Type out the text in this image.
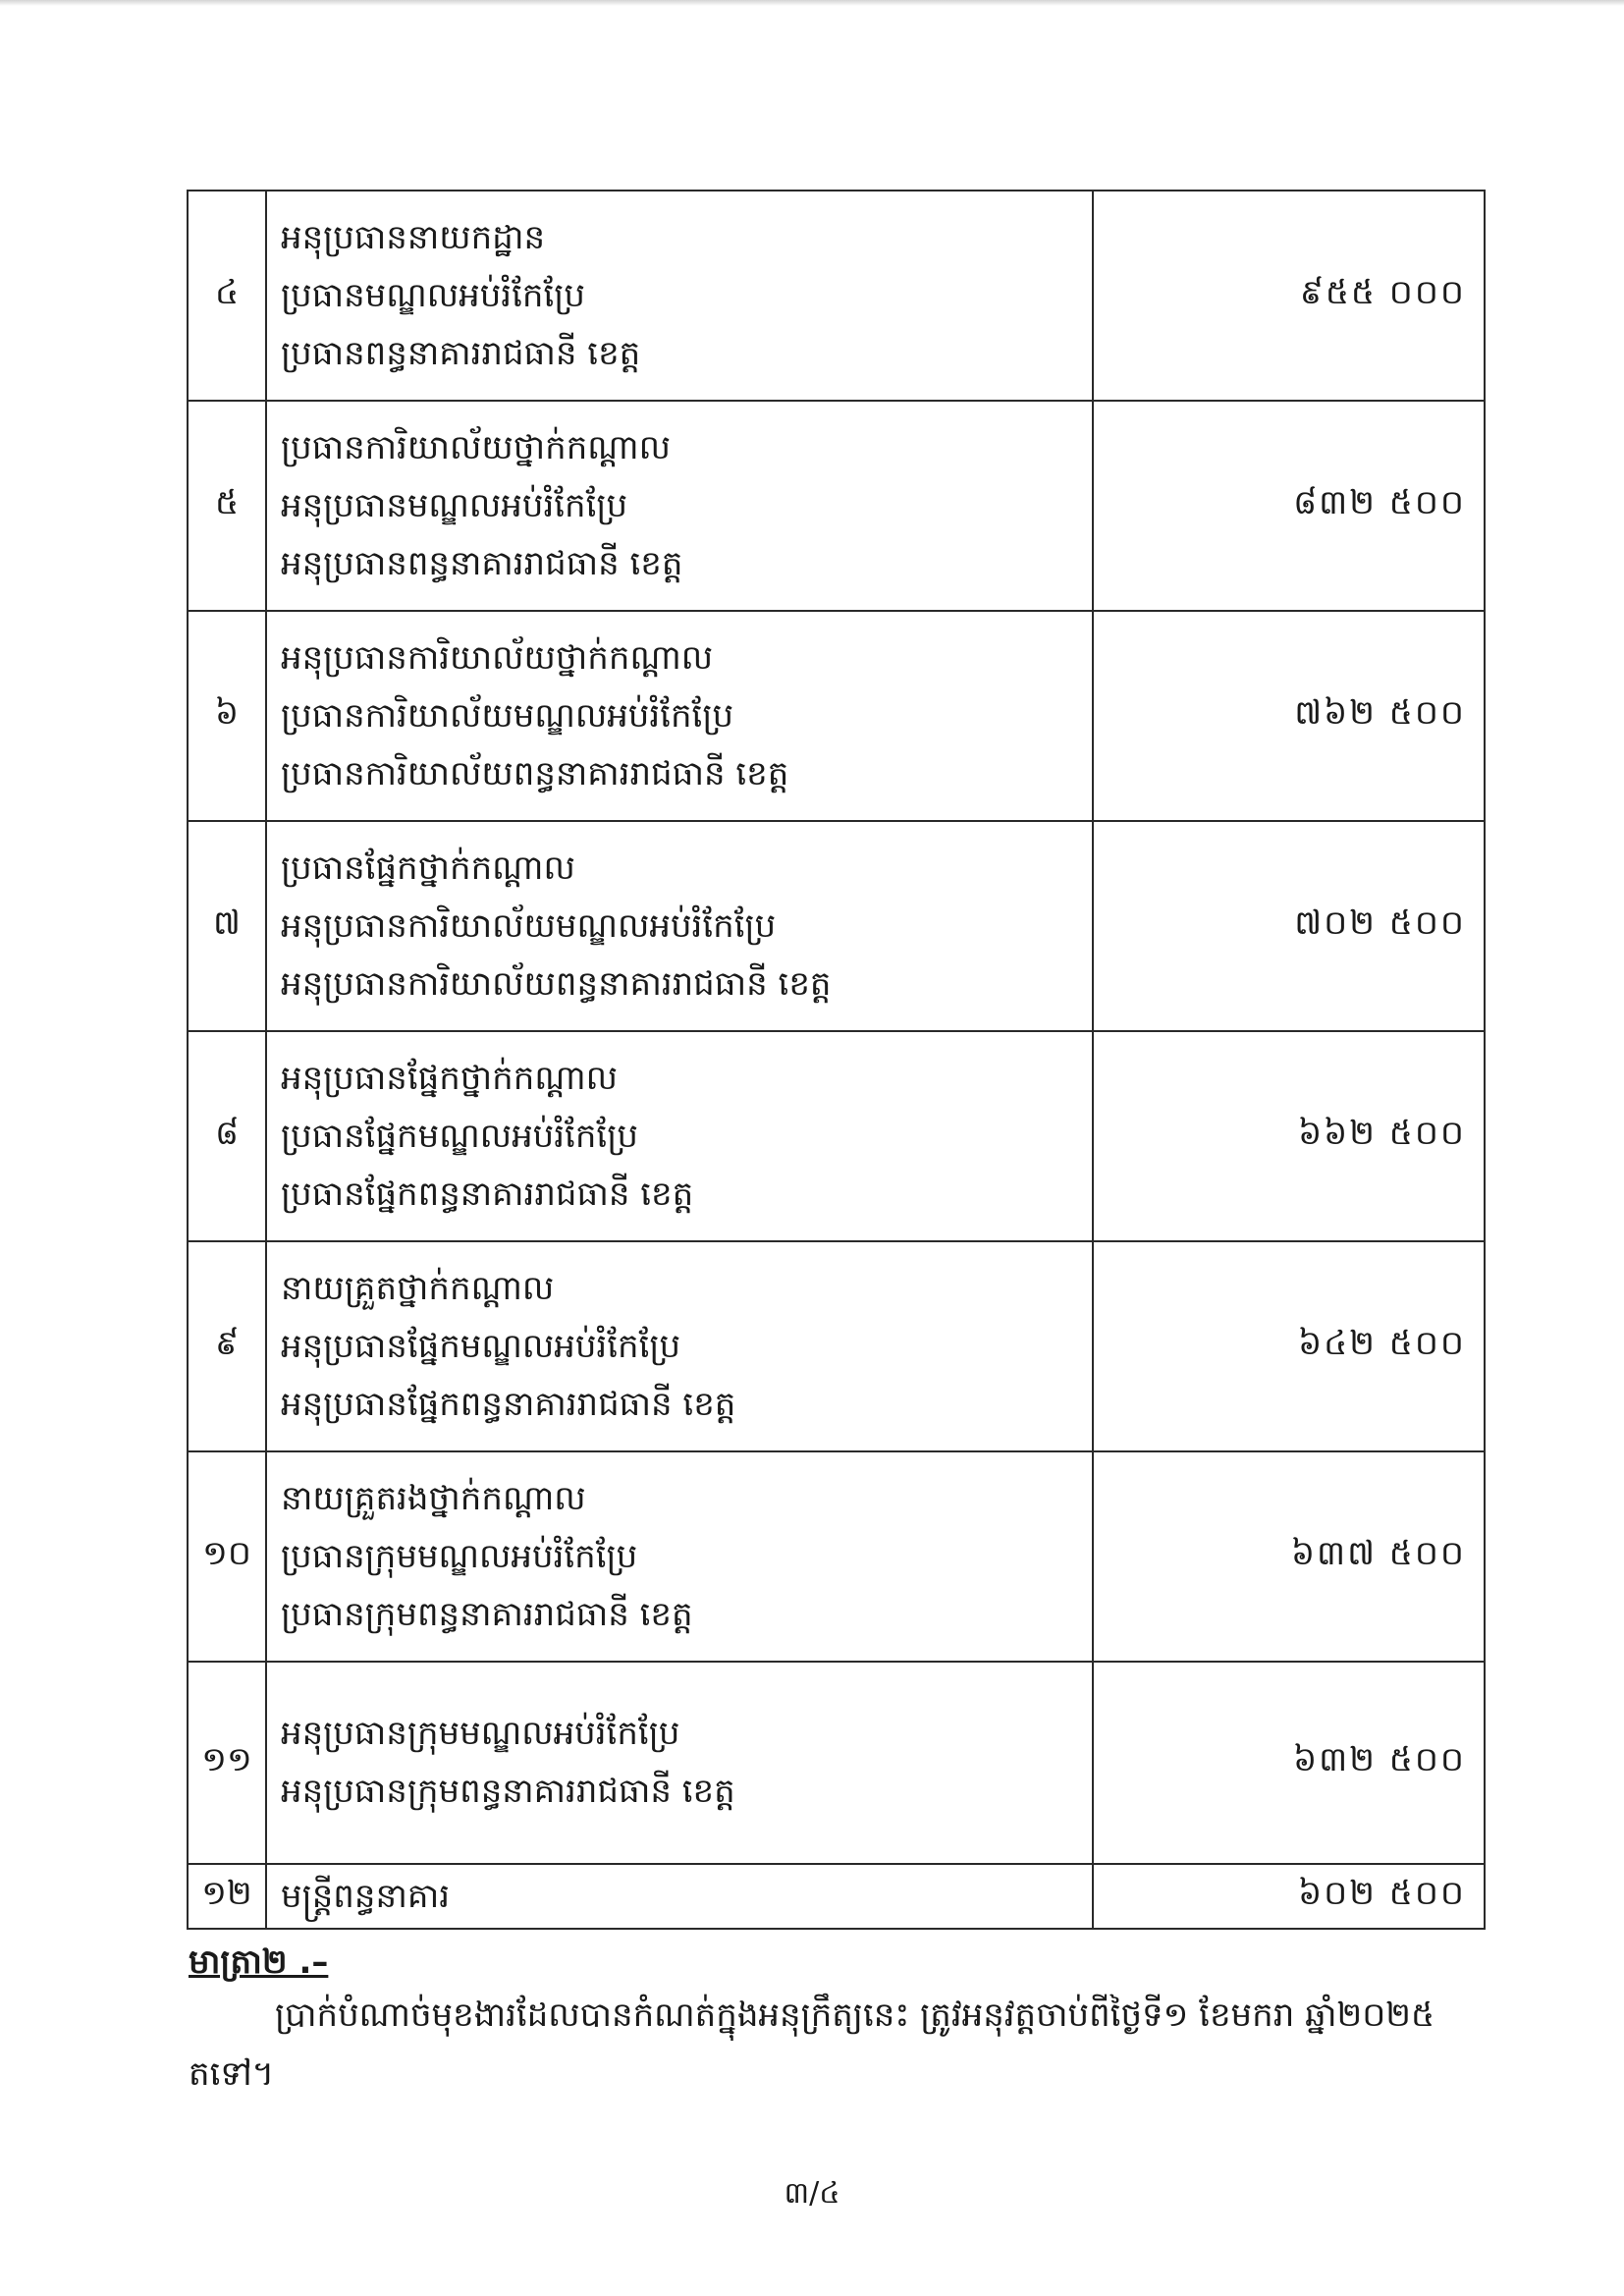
៤	អនុប្រធាននាយកដ្ឋាន
ប្រធានមណ្ឌលអប់រំកែប្រែ
ប្រធានពន្ធនាគាររាជធានី ខេត្ត	៩៥៥ ០០០
៥	ប្រធានការិយាល័យថ្នាក់កណ្ដាល
អនុប្រធានមណ្ឌលអប់រំកែប្រែ
អនុប្រធានពន្ធនាគាររាជធានី ខេត្ត	៨៣២ ៥០០
៦	អនុប្រធានការិយាល័យថ្នាក់កណ្ដាល
ប្រធានការិយាល័យមណ្ឌលអប់រំកែប្រែ
ប្រធានការិយាល័យពន្ធនាគាររាជធានី ខេត្ត	៧៦២ ៥០០
៧	ប្រធានផ្នែកថ្នាក់កណ្ដាល
អនុប្រធានការិយាល័យមណ្ឌលអប់រំកែប្រែ
អនុប្រធានការិយាល័យពន្ធនាគាររាជធានី ខេត្ត	៧០២ ៥០០
៨	អនុប្រធានផ្នែកថ្នាក់កណ្ដាល
ប្រធានផ្នែកមណ្ឌលអប់រំកែប្រែ
ប្រធានផ្នែកពន្ធនាគាររាជធានី ខេត្ត	៦៦២ ៥០០
៩	នាយគ្រួតថ្នាក់កណ្ដាល
អនុប្រធានផ្នែកមណ្ឌលអប់រំកែប្រែ
អនុប្រធានផ្នែកពន្ធនាគាររាជធានី ខេត្ត	៦៤២ ៥០០
១០	នាយគ្រួតរងថ្នាក់កណ្ដាល
ប្រធានក្រុមមណ្ឌលអប់រំកែប្រែ
ប្រធានក្រុមពន្ធនាគាររាជធានី ខេត្ត	៦៣៧ ៥០០
១១	អនុប្រធានក្រុមមណ្ឌលអប់រំកែប្រែ
អនុប្រធានក្រុមពន្ធនាគាររាជធានី ខេត្ត	៦៣២ ៥០០
១២	មន្ត្រីពន្ធនាគារ	៦០២ ៥០០
មាត្រា២ .–
ប្រាក់បំណាច់មុខងារដែលបានកំណត់ក្នុងអនុក្រឹត្យនេះ ត្រូវអនុវត្តចាប់ពីថ្ងៃទី១ ខែមករា ឆ្នាំ២០២៥
តទៅ។
៣/៤
